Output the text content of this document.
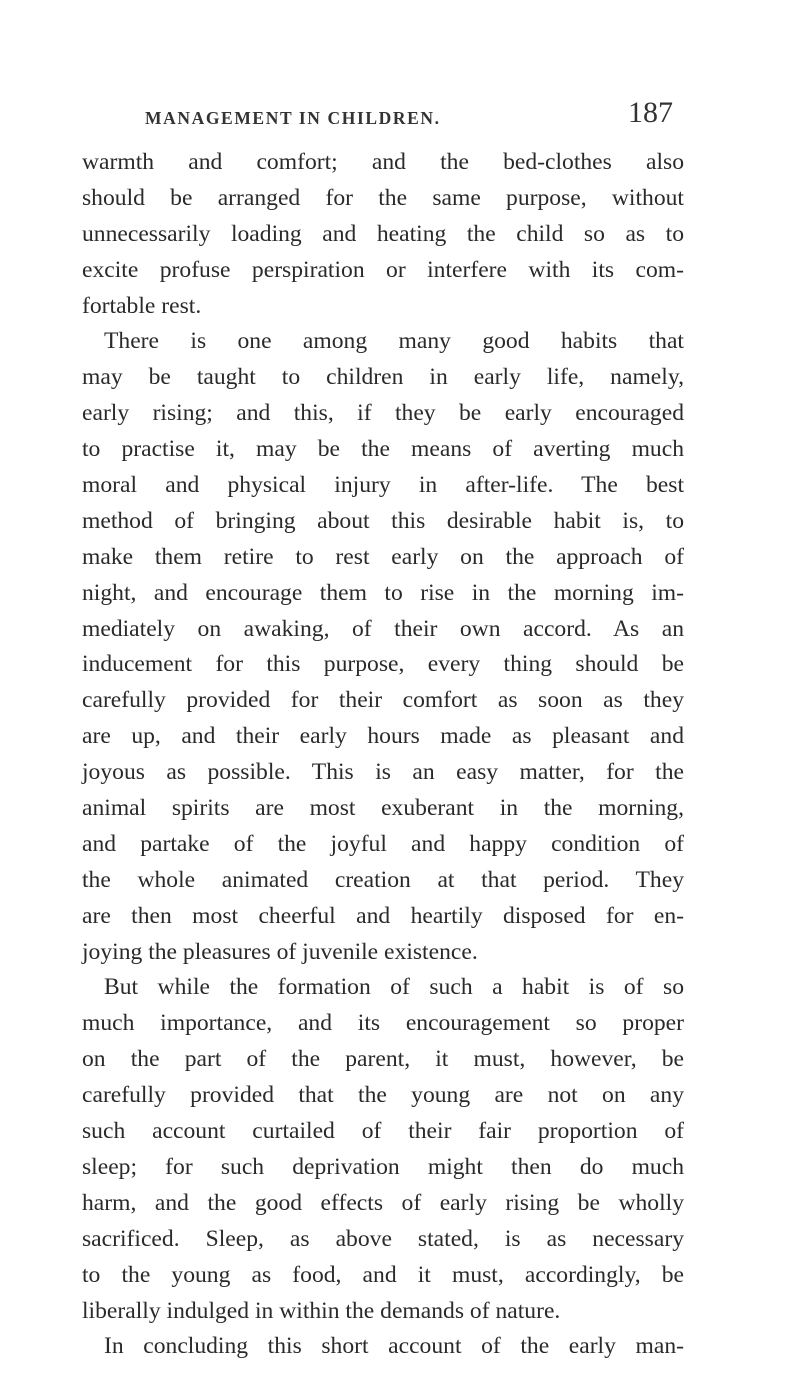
MANAGEMENT IN CHILDREN.	187
warmth and comfort; and the bed-clothes also
should be arranged for the same purpose, without
unnecessarily loading and heating the child so as to
excite profuse perspiration or interfere with its com-
fortable rest.
There is one among many good habits that
may be taught to children in early life, namely,
early rising; and this, if they be early encouraged
to practise it, may be the means of averting much
moral and physical injury in after-life. The best
method of bringing about this desirable habit is, to
make them retire to rest early on the approach of
night, and encourage them to rise in the morning im-
mediately on awaking, of their own accord. As an
inducement for this purpose, every thing should be
carefully provided for their comfort as soon as they
are up, and their early hours made as pleasant and
joyous as possible. This is an easy matter, for the
animal spirits are most exuberant in the morning,
and partake of the joyful and happy condition of
the whole animated creation at that period. They
are then most cheerful and heartily disposed for en-
joying the pleasures of juvenile existence.
But while the formation of such a habit is of so
much importance, and its encouragement so proper
on the part of the parent, it must, however, be
carefully provided that the young are not on any
such account curtailed of their fair proportion of
sleep; for such deprivation might then do much
harm, and the good effects of early rising be wholly
sacrificed. Sleep, as above stated, is as necessary
to the young as food, and it must, accordingly, be
liberally indulged in within the demands of nature.
In concluding this short account of the early man-
